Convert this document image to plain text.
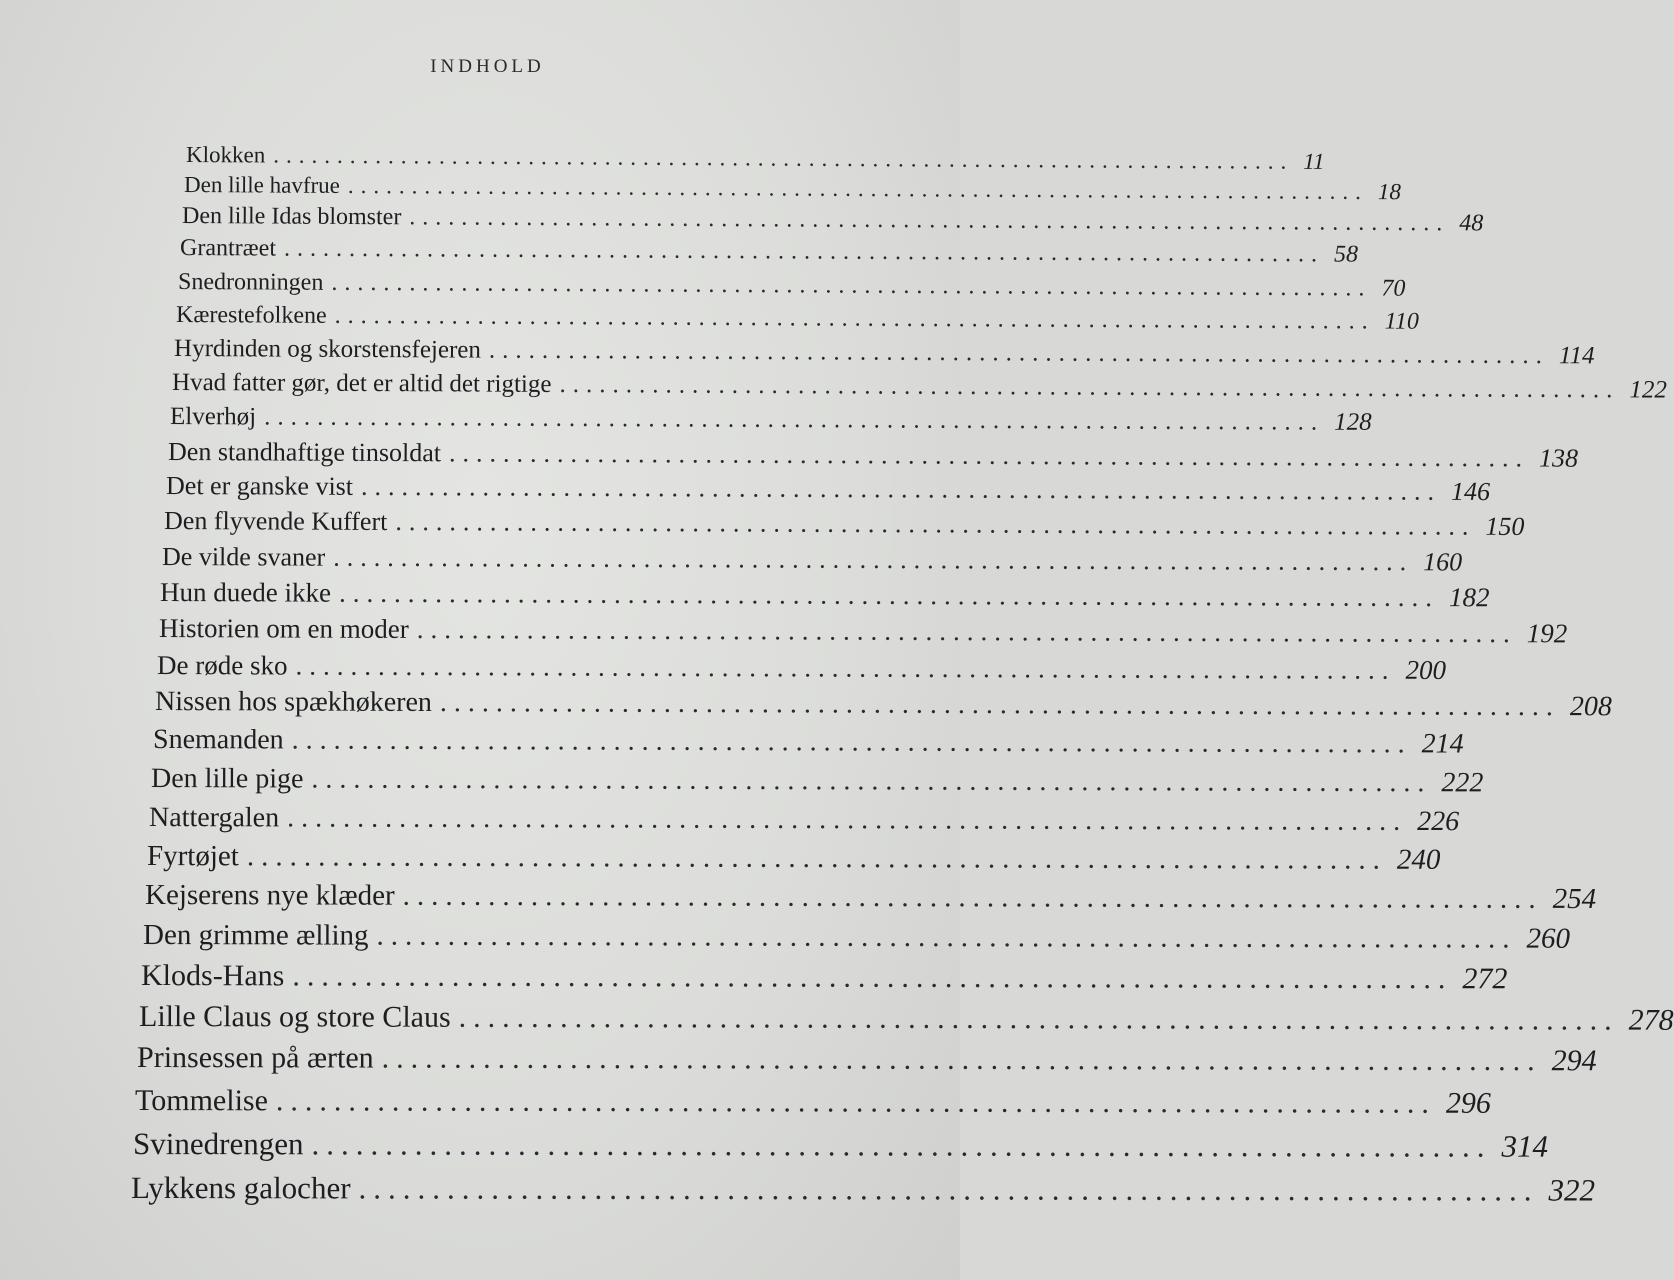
INDHOLD
Klokken ................................................................................ 11
Den lille havfrue ................................................................................ 18
Den lille Idas blomster ................................................................................ 48
Grantræet ................................................................................ 58
Snedronningen ................................................................................ 70
Kærestefolkene ................................................................................ 110
Hyrdinden og skorstensfejeren ................................................................................ 114
Hvad fatter gør, det er altid det rigtige ................................................................................ 122
Elverhøj ................................................................................ 128
Den standhaftige tinsoldat ................................................................................ 138
Det er ganske vist ................................................................................ 146
Den flyvende Kuffert ................................................................................ 150
De vilde svaner ................................................................................ 160
Hun duede ikke ................................................................................ 182
Historien om en moder ................................................................................ 192
De røde sko ................................................................................ 200
Nissen hos spækhøkeren ................................................................................ 208
Snemanden ................................................................................ 214
Den lille pige ................................................................................ 222
Nattergalen ................................................................................ 226
Fyrtøjet ................................................................................ 240
Kejserens nye klæder ................................................................................ 254
Den grimme ælling ................................................................................ 260
Klods-Hans ................................................................................ 272
Lille Claus og store Claus ................................................................................ 278
Prinsessen på ærten ................................................................................ 294
Tommelise ................................................................................ 296
Svinedrengen ................................................................................ 314
Lykkens galocher ................................................................................ 322
